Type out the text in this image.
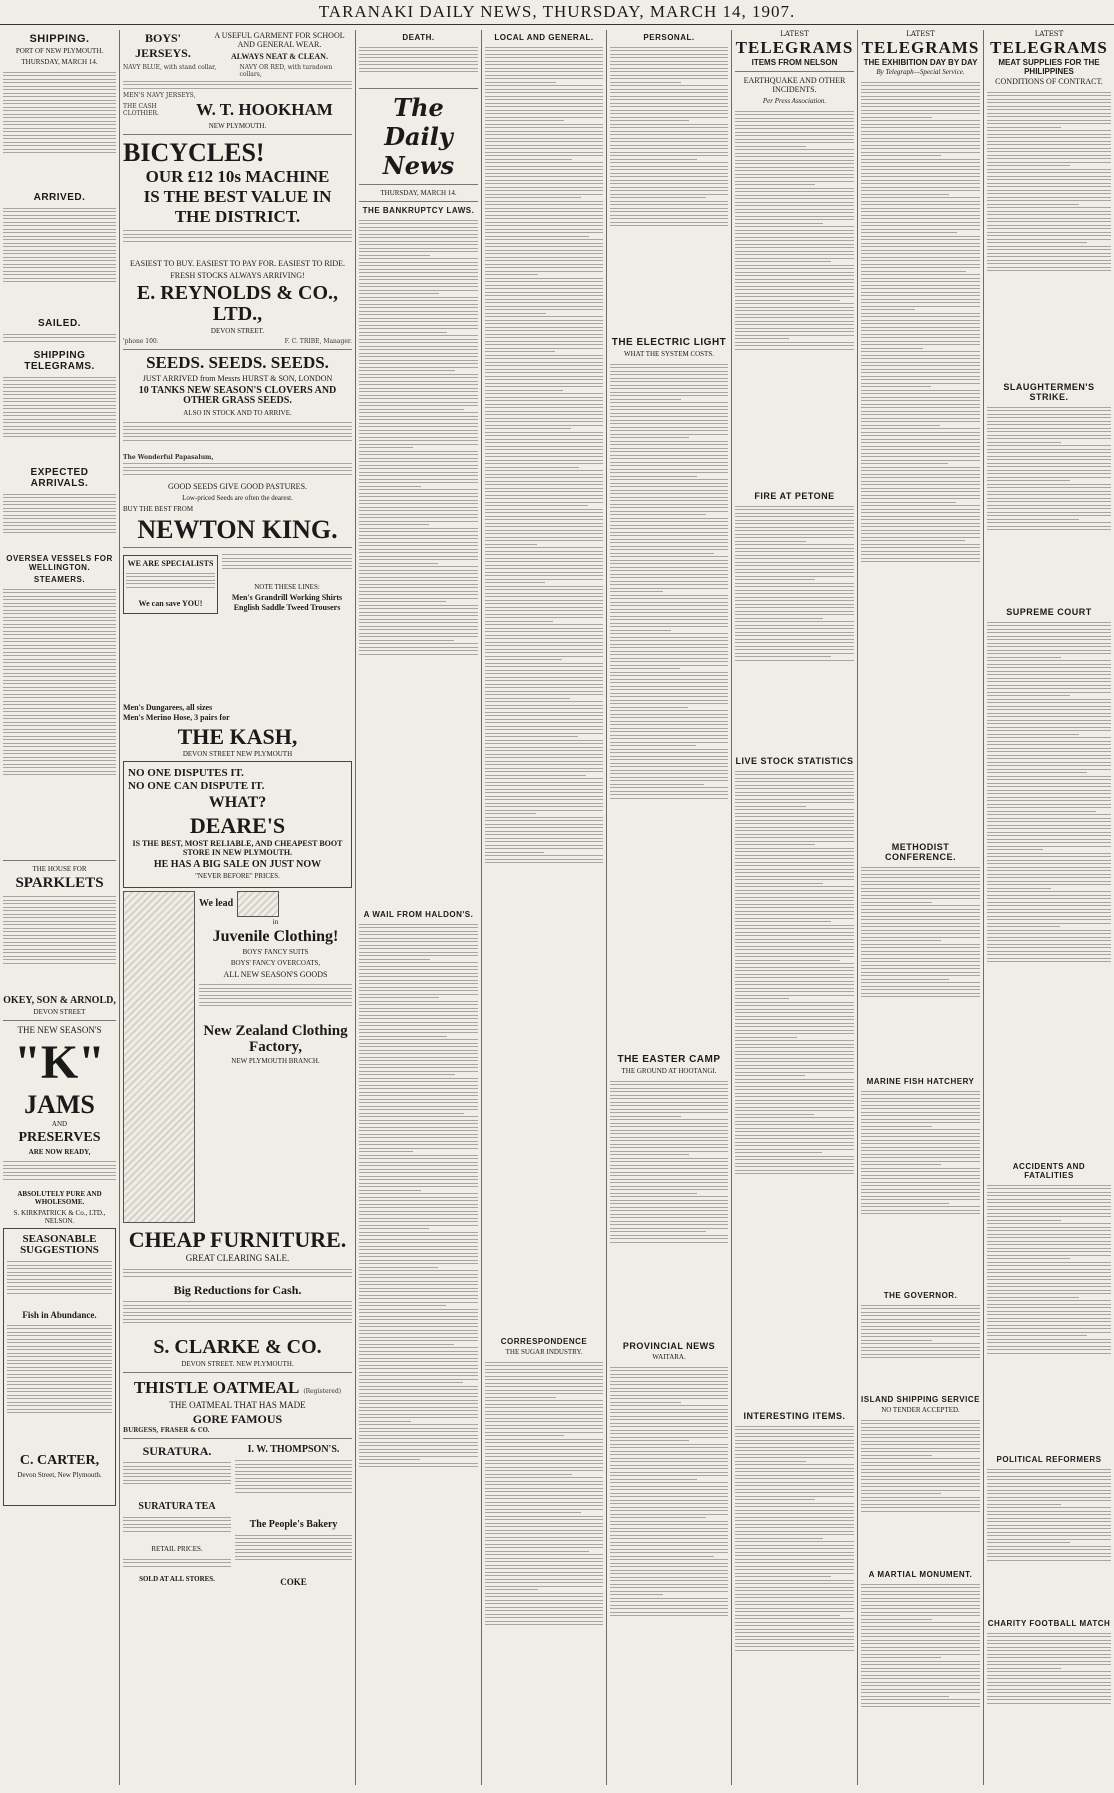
TARANAKI DAILY NEWS, THURSDAY, MARCH 14, 1907.
SHIPPING.
PORT OF NEW PLYMOUTH.
THURSDAY, MARCH 14.
ARRIVED.
SAILED.
SHIPPING TELEGRAMS.
EXPECTED ARRIVALS.
OVERSEA VESSELS FOR WELLINGTON.
STEAMERS.
THE HOUSE FOR
SPARKLETS
OKEY, SON & ARNOLD,
DEVON STREET
THE NEW SEASON'S
"K"
JAMS
AND
PRESERVES
ARE NOW READY,
ABSOLUTELY PURE AND WHOLESOME.
S. KIRKPATRICK & Co., LTD., NELSON.
SEASONABLE SUGGESTIONS
Fish in Abundance.
C. CARTER,
Devon Street, New Plymouth.
BOYS'
JERSEYS.
A USEFUL GARMENT FOR SCHOOL AND GENERAL WEAR.
ALWAYS NEAT & CLEAN.
NAVY BLUE, with stand collar,	NAVY OR RED, with turndown collars,
MEN'S NAVY JERSEYS,
THE CASH CLOTHIER.	W. T. HOOKHAM
NEW PLYMOUTH.
BICYCLES!
OUR £12 10s MACHINE
IS THE BEST VALUE IN
THE DISTRICT.
EASIEST TO BUY. EASIEST TO PAY FOR. EASIEST TO RIDE.
FRESH STOCKS ALWAYS ARRIVING!
E. REYNOLDS & CO., LTD.,
DEVON STREET.
'phone 100.	F. C. TRIBE, Manager.
SEEDS. SEEDS. SEEDS.
JUST ARRIVED from Messrs HURST & SON, LONDON
10 TANKS NEW SEASON'S CLOVERS AND OTHER GRASS SEEDS.
ALSO IN STOCK AND TO ARRIVE.
The Wonderful Papasalum,
GOOD SEEDS GIVE GOOD PASTURES.
Low-priced Seeds are often the dearest.
BUY THE BEST FROM
NEWTON KING.
WE ARE SPECIALISTS
We can save YOU!
NOTE THESE LINES:
Men's Grandrill Working Shirts
English Saddle Tweed Trousers
Men's Dungarees, all sizes
Men's Merino Hose, 3 pairs for
THE KASH,
DEVON STREET NEW PLYMOUTH
NO ONE DISPUTES IT.
NO ONE CAN DISPUTE IT.
WHAT?
DEARE'S
IS THE BEST, MOST RELIABLE, AND CHEAPEST BOOT STORE IN NEW PLYMOUTH.
HE HAS A BIG SALE ON JUST NOW
"NEVER BEFORE" PRICES.
We lead
in
Juvenile Clothing!
BOYS' FANCY SUITS
BOYS' FANCY OVERCOATS,
ALL NEW SEASON'S GOODS
New Zealand Clothing Factory,
NEW PLYMOUTH BRANCH.
CHEAP FURNITURE.
GREAT CLEARING SALE.
Big Reductions for Cash.
S. CLARKE & CO.
DEVON STREET. NEW PLYMOUTH.
THISTLE OATMEAL (Registered)
THE OATMEAL THAT HAS MADE
GORE FAMOUS
BURGESS, FRASER & CO.
SURATURA.
SURATURA TEA
RETAIL PRICES.
SOLD AT ALL STORES.
I. W. THOMPSON'S.
The People's Bakery
COKE
DEATH.
The Daily News
THURSDAY, MARCH 14.
THE BANKRUPTCY LAWS.
A WAIL FROM HALDON'S.
LOCAL AND GENERAL.
CORRESPONDENCE
THE SUGAR INDUSTRY.
PERSONAL.
THE ELECTRIC LIGHT
WHAT THE SYSTEM COSTS.
THE EASTER CAMP
THE GROUND AT HOOTANGI.
PROVINCIAL NEWS
WAITARA.
LATEST
TELEGRAMS
ITEMS FROM NELSON
EARTHQUAKE AND OTHER INCIDENTS.
Per Press Association.
FIRE AT PETONE
LIVE STOCK STATISTICS
INTERESTING ITEMS.
LATEST
TELEGRAMS
THE EXHIBITION DAY BY DAY
By Telegraph—Special Service.
METHODIST CONFERENCE.
MARINE FISH HATCHERY
THE GOVERNOR.
ISLAND SHIPPING SERVICE
NO TENDER ACCEPTED.
A MARTIAL MONUMENT.
LATEST
TELEGRAMS
MEAT SUPPLIES FOR THE PHILIPPINES
CONDITIONS OF CONTRACT.
SLAUGHTERMEN'S STRIKE.
SUPREME COURT
ACCIDENTS AND FATALITIES
POLITICAL REFORMERS
CHARITY FOOTBALL MATCH
